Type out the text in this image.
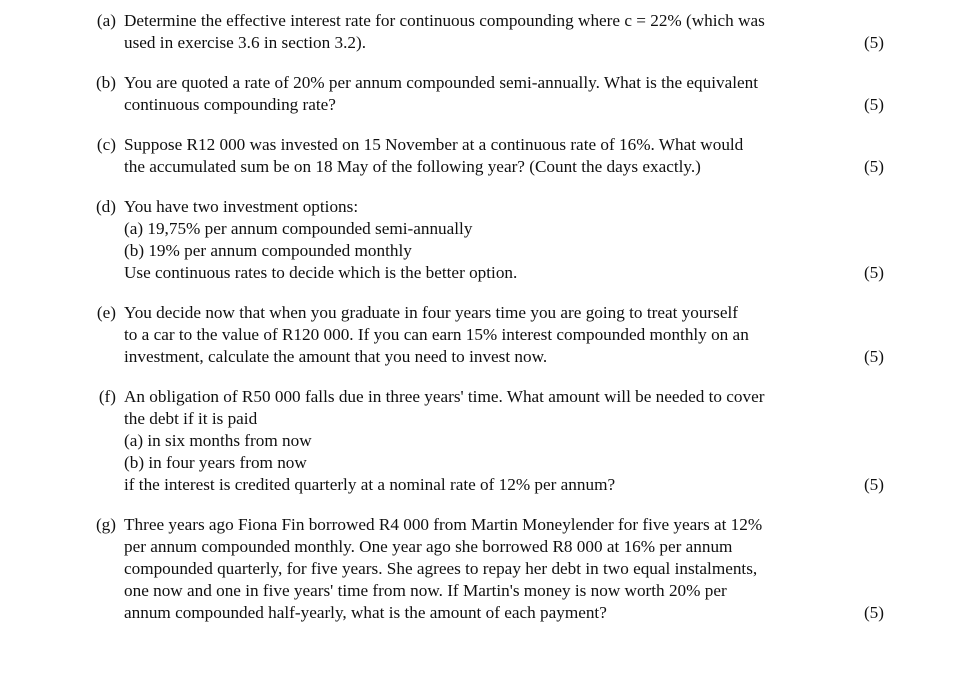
(a) Determine the effective interest rate for continuous compounding where c = 22% (which was
used in exercise 3.6 in section 3.2).	(5)
(b) You are quoted a rate of 20% per annum compounded semi-annually. What is the equivalent
continuous compounding rate?	(5)
(c) Suppose R12 000 was invested on 15 November at a continuous rate of 16%. What would
the accumulated sum be on 18 May of the following year? (Count the days exactly.)	(5)
(d) You have two investment options:
(a) 19,75% per annum compounded semi-annually
(b) 19% per annum compounded monthly
Use continuous rates to decide which is the better option.	(5)
(e) You decide now that when you graduate in four years time you are going to treat yourself
to a car to the value of R120 000. If you can earn 15% interest compounded monthly on an
investment, calculate the amount that you need to invest now.	(5)
(f) An obligation of R50 000 falls due in three years' time. What amount will be needed to cover
the debt if it is paid
(a) in six months from now
(b) in four years from now
if the interest is credited quarterly at a nominal rate of 12% per annum?	(5)
(g) Three years ago Fiona Fin borrowed R4 000 from Martin Moneylender for five years at 12%
per annum compounded monthly. One year ago she borrowed R8 000 at 16% per annum
compounded quarterly, for five years. She agrees to repay her debt in two equal instalments,
one now and one in five years' time from now. If Martin's money is now worth 20% per
annum compounded half-yearly, what is the amount of each payment?	(5)
